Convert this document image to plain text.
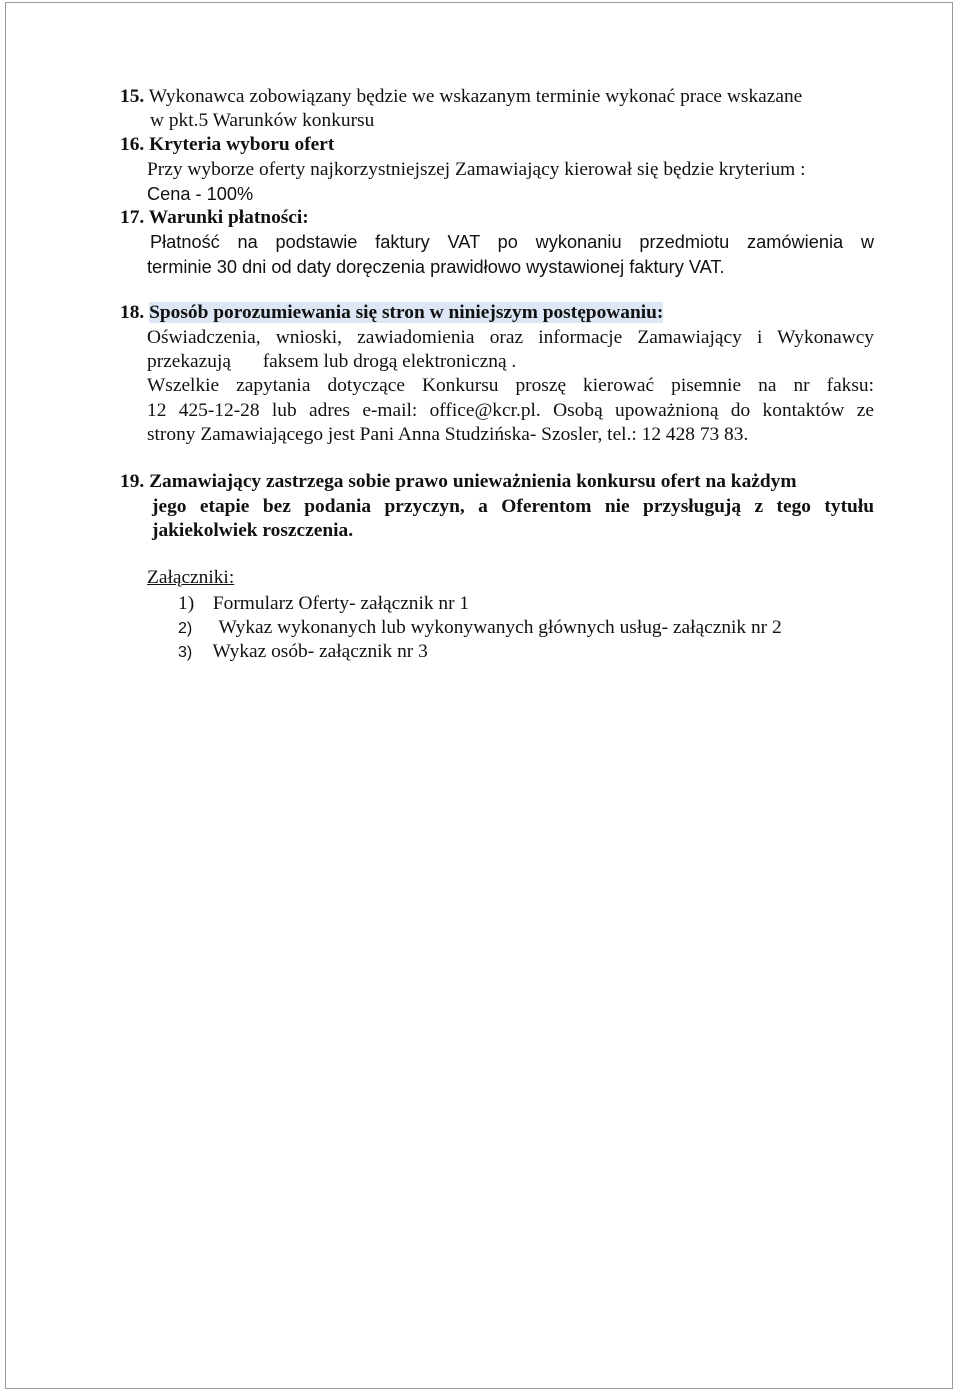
15. Wykonawca zobowiązany będzie we wskazanym terminie wykonać prace wskazane
w pkt.5 Warunków konkursu
16. Kryteria wyboru ofert
Przy wyborze oferty najkorzystniejszej Zamawiający kierował się będzie kryterium :
Cena - 100%
17. Warunki płatności:
Płatność na podstawie faktury VAT po wykonaniu przedmiotu zamówienia w
terminie 30 dni od daty doręczenia prawidłowo wystawionej faktury VAT.
18. Sposób porozumiewania się stron w niniejszym postępowaniu:
Oświadczenia, wnioski, zawiadomienia oraz informacje Zamawiający i Wykonawcy
przekazują faksem lub drogą elektroniczną .
Wszelkie zapytania dotyczące Konkursu proszę kierować pisemnie na nr faksu:
12 425-12-28 lub adres e-mail: office@kcr.pl. Osobą upoważnioną do kontaktów ze
strony Zamawiającego jest Pani Anna Studzińska- Szosler, tel.: 12 428 73 83.
19. Zamawiający zastrzega sobie prawo unieważnienia konkursu ofert na każdym
jego etapie bez podania przyczyn, a Oferentom nie przysługują z tego tytułu
jakiekolwiek roszczenia.
Załączniki:
1) Formularz Oferty- załącznik nr 1
2) Wykaz wykonanych lub wykonywanych głównych usług- załącznik nr 2
3) Wykaz osób- załącznik nr 3
